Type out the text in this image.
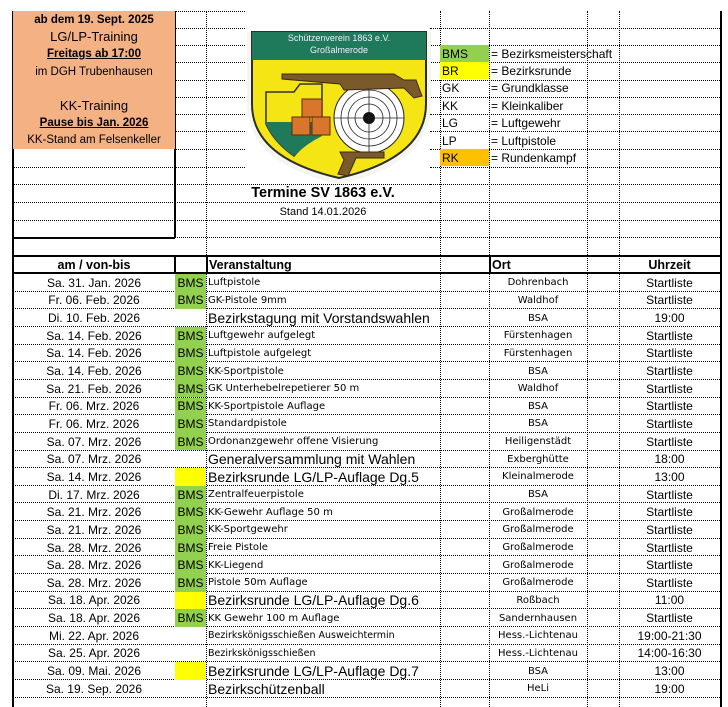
ab dem 19. Sept. 2025
LG/LP-Training
Freitags ab 17:00
im DGH Trubenhausen
KK-Training
Pause bis Jan. 2026
KK-Stand am Felsenkeller
Schützenverein 1863 e.V.
Großalmerode	BMS	= Bezirksmeisterschaft
BR	= Bezirksrunde
GK	= Grundklasse
KK	= Kleinkaliber
LG	= Luftgewehr
LP	= Luftpistole
RK	= Rundenkampf
Termine SV 1863 e.V.
Stand 14.01.2026
am / von-bis	Veranstaltung	Ort	Uhrzeit
Sa. 31. Jan. 2026	BMS Luftpistole	Dohrenbach	Startliste
Fr. 06. Feb. 2026	BMS GK-Pistole 9mm	Waldhof	Startliste
Di. 10. Feb. 2026	Bezirkstagung mit Vorstandswahlen	BSA	19:00
Sa. 14. Feb. 2026	BMS Luftgewehr aufgelegt	Fürstenhagen	Startliste
Sa. 14. Feb. 2026	BMS Luftpistole aufgelegt	Fürstenhagen	Startliste
Sa. 14. Feb. 2026	BMS KK-Sportpistole	BSA	Startliste
Sa. 21. Feb. 2026	BMS GK Unterhebelrepetierer 50 m	Waldhof	Startliste
Fr. 06. Mrz. 2026	BMS KK-Sportpistole Auflage	BSA	Startliste
Fr. 06. Mrz. 2026	BMS Standardpistole	BSA	Startliste
Sa. 07. Mrz. 2026	BMS Ordonanzgewehr offene Visierung	Heiligenstädt	Startliste
Sa. 07. Mrz. 2026	Generalversammlung mit Wahlen	Exberghütte	18:00
Sa. 14. Mrz. 2026	Bezirksrunde LG/LP-Auflage Dg.5	Kleinalmerode	13:00
Di. 17. Mrz. 2026	BMS Zentralfeuerpistole	BSA	Startliste
Sa. 21. Mrz. 2026	BMS KK-Gewehr Auflage 50 m	Großalmerode	Startliste
Sa. 21. Mrz. 2026	BMS KK-Sportgewehr	Großalmerode	Startliste
Sa. 28. Mrz. 2026	BMS Freie Pistole	Großalmerode	Startliste
Sa. 28. Mrz. 2026	BMS KK-Liegend	Großalmerode	Startliste
Sa. 28. Mrz. 2026	BMS Pistole 50m Auflage	Großalmerode	Startliste
Sa. 18. Apr. 2026	Bezirksrunde LG/LP-Auflage Dg.6	Roßbach	11:00
Sa. 18. Apr. 2026	BMS KK Gewehr 100 m Auflage	Sandernhausen	Startliste
Mi. 22. Apr. 2026	Bezirkskönigsschießen Ausweichtermin	Hess.-Lichtenau	19:00-21:30
Sa. 25. Apr. 2026	Bezirkskönigsschießen	Hess.-Lichtenau	14:00-16:30
Sa. 09. Mai. 2026	Bezirksrunde LG/LP-Auflage Dg.7	BSA	13:00
Sa. 19. Sep. 2026	Bezirkschützenball	HeLi	19:00
